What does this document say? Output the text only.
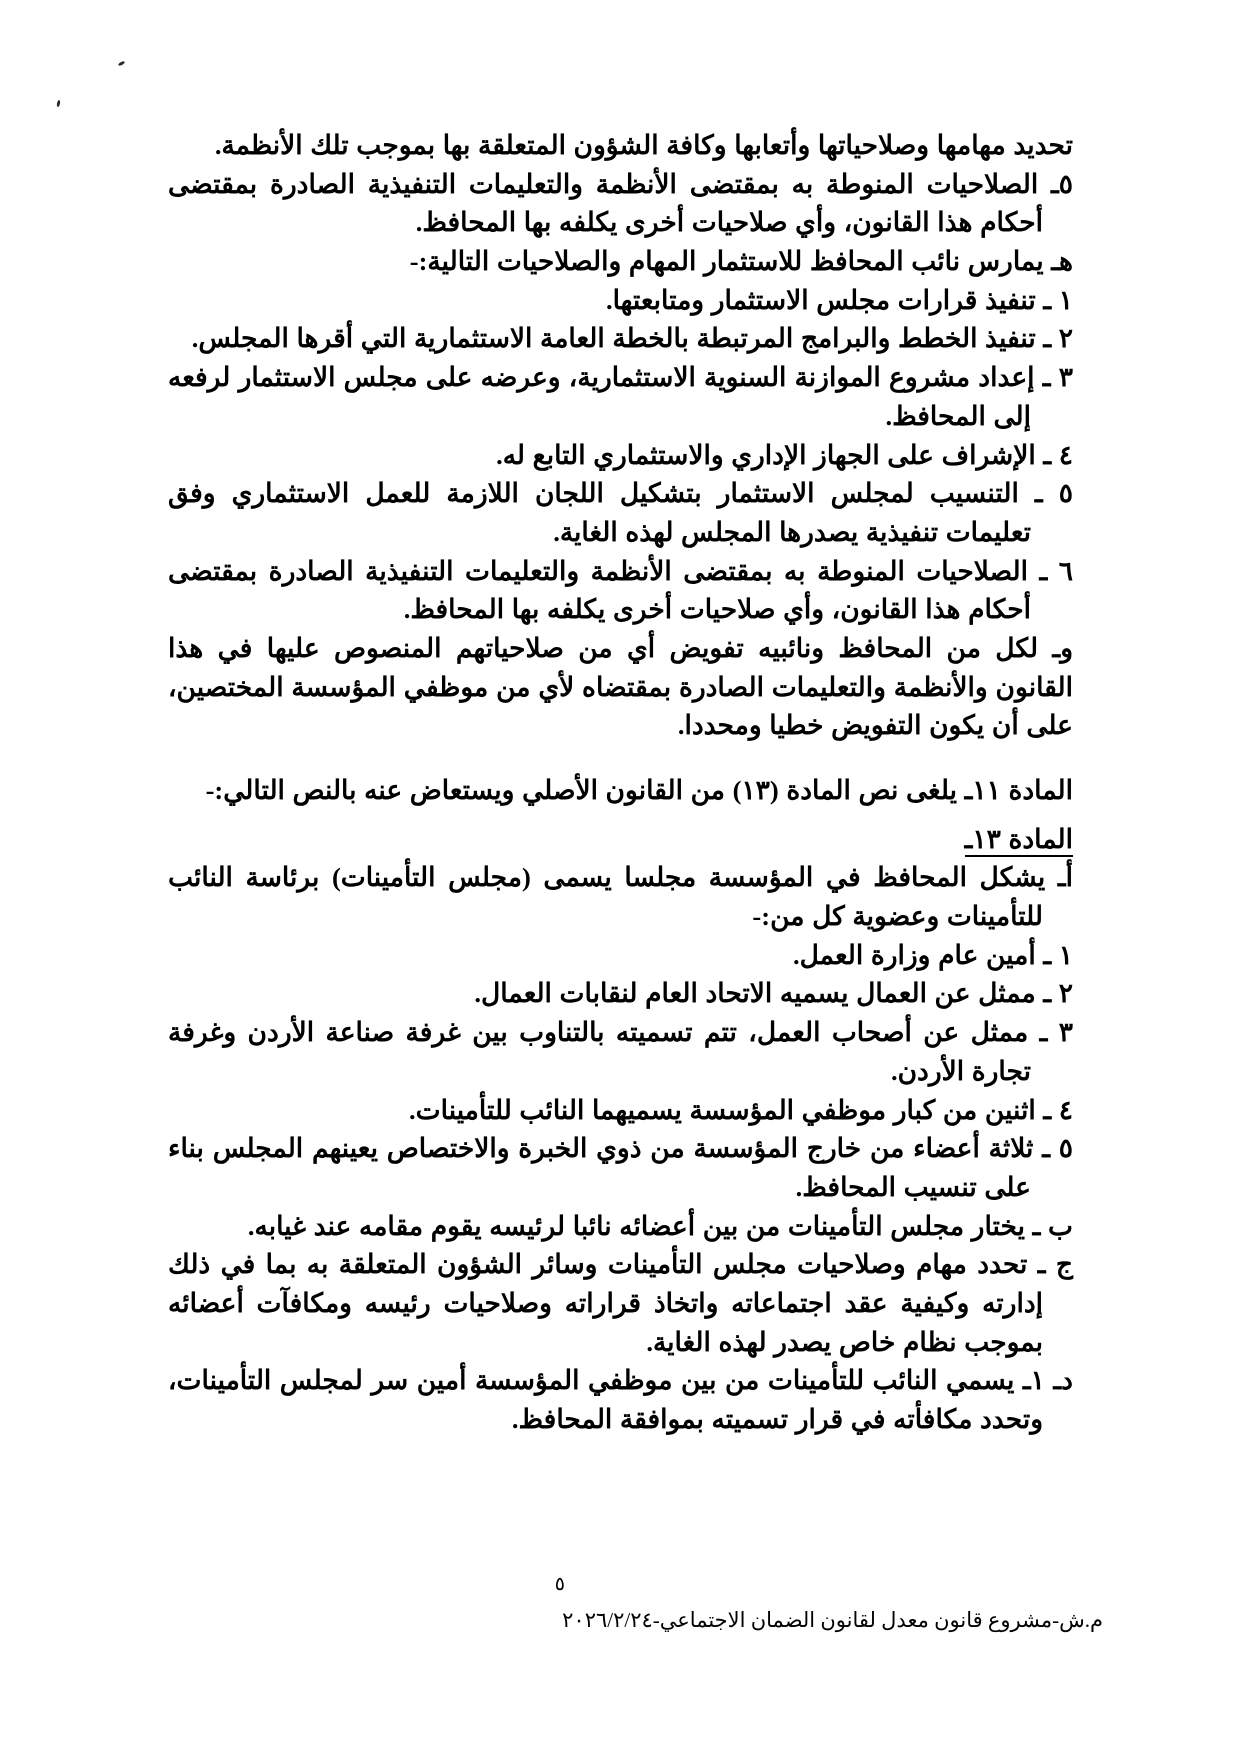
تحديد مهامها وصلاحياتها وأتعابها وكافة الشؤون المتعلقة بها بموجب تلك الأنظمة.

٥ـ الصلاحيات المنوطة به بمقتضى الأنظمة والتعليمات التنفيذية الصادرة بمقتضى أحكام هذا القانون، وأي صلاحيات أخرى يكلفه بها المحافظ.

هـ يمارس نائب المحافظ للاستثمار المهام والصلاحيات التالية:-

١ ـ تنفيذ قرارات مجلس الاستثمار ومتابعتها.

٢ ـ تنفيذ الخطط والبرامج المرتبطة بالخطة العامة الاستثمارية التي أقرها المجلس.

٣ ـ إعداد مشروع الموازنة السنوية الاستثمارية، وعرضه على مجلس الاستثمار لرفعه إلى المحافظ.

٤ ـ الإشراف على الجهاز الإداري والاستثماري التابع له.

٥ ـ التنسيب لمجلس الاستثمار بتشكيل اللجان اللازمة للعمل الاستثماري وفق تعليمات تنفيذية يصدرها المجلس لهذه الغاية.

٦ ـ الصلاحيات المنوطة به بمقتضى الأنظمة والتعليمات التنفيذية الصادرة بمقتضى أحكام هذا القانون، وأي صلاحيات أخرى يكلفه بها المحافظ.

وـ لكل من المحافظ ونائبيه تفويض أي من صلاحياتهم المنصوص عليها في هذا القانون والأنظمة والتعليمات الصادرة بمقتضاه لأي من موظفي المؤسسة المختصين، على أن يكون التفويض خطيا ومحددا.

المادة ١١ـ يلغى نص المادة (١٣) من القانون الأصلي ويستعاض عنه بالنص التالي:-

المادة ١٣ـ

أـ يشكل المحافظ في المؤسسة مجلسا يسمى (مجلس التأمينات) برئاسة النائب للتأمينات وعضوية كل من:-

١ ـ أمين عام وزارة العمل.

٢ ـ ممثل عن العمال يسميه الاتحاد العام لنقابات العمال.

٣ ـ ممثل عن أصحاب العمل، تتم تسميته بالتناوب بين غرفة صناعة الأردن وغرفة تجارة الأردن.

٤ ـ اثنين من كبار موظفي المؤسسة يسميهما النائب للتأمينات.

٥ ـ ثلاثة أعضاء من خارج المؤسسة من ذوي الخبرة والاختصاص يعينهم المجلس بناء على تنسيب المحافظ.

ب ـ يختار مجلس التأمينات من بين أعضائه نائبا لرئيسه يقوم مقامه عند غيابه.

ج ـ تحدد مهام وصلاحيات مجلس التأمينات وسائر الشؤون المتعلقة به بما في ذلك إدارته وكيفية عقد اجتماعاته واتخاذ قراراته وصلاحيات رئيسه ومكافآت أعضائه بموجب نظام خاص يصدر لهذه الغاية.

دـ ١ـ يسمي النائب للتأمينات من بين موظفي المؤسسة أمين سر لمجلس التأمينات، وتحدد مكافأته في قرار تسميته بموافقة المحافظ.

٥
م.ش-مشروع قانون معدل لقانون الضمان الاجتماعي-٢٠٢٦/٢/٢٤
